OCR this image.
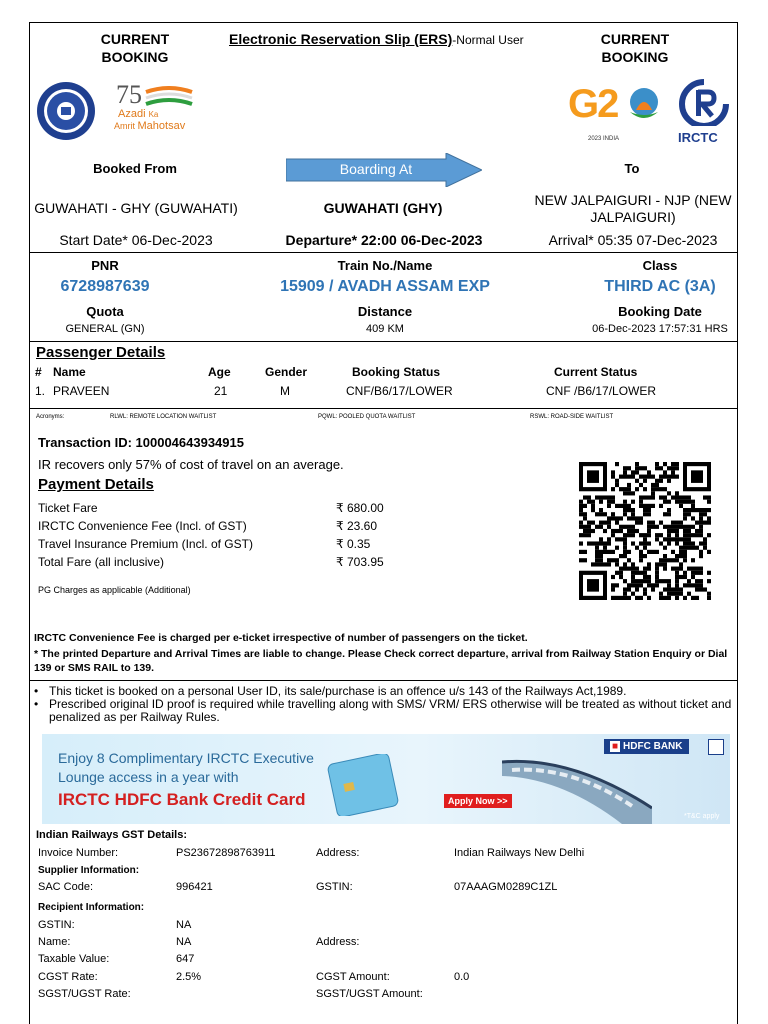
CURRENT
BOOKING
Electronic Reservation Slip (ERS)-Normal User	CURRENT
BOOKING
75
Azadi Ka
Amrit Mahotsav	G2
2023 INDIA	IRCTC
Booked From	Boarding At	To
GUWAHATI - GHY (GUWAHATI)	GUWAHATI (GHY)	NEW JALPAIGURI - NJP (NEW JALPAIGURI)
Start Date* 06-Dec-2023	Departure* 22:00 06-Dec-2023	Arrival* 05:35 07-Dec-2023
PNR
6728987639
Train No./Name
15909 / AVADH ASSAM EXP
Class
THIRD AC (3A)
Quota
GENERAL (GN)
Distance
409 KM
Booking Date
06-Dec-2023 17:57:31 HRS
Passenger Details
# Name	Age	Gender	Booking Status	Current Status
1. PRAVEEN	21	M	CNF/B6/17/LOWER	CNF /B6/17/LOWER
Acronyms:	RLWL: REMOTE LOCATION WAITLIST	PQWL: POOLED QUOTA WAITLIST	RSWL: ROAD-SIDE WAITLIST
Transaction ID: 100004643934915
IR recovers only 57% of cost of travel on an average.
Payment Details
Ticket Fare	₹ 680.00
IRCTC Convenience Fee (Incl. of GST)	₹ 23.60
Travel Insurance Premium (Incl. of GST)	₹ 0.35
Total Fare (all inclusive)	₹ 703.95
PG Charges as applicable (Additional)
IRCTC Convenience Fee is charged per e-ticket irrespective of number of passengers on the ticket.
* The printed Departure and Arrival Times are liable to change. Please Check correct departure, arrival from Railway Station Enquiry or Dial 139 or SMS RAIL to 139.
• This ticket is booked on a personal User ID, its sale/purchase is an offence u/s 143 of the Railways Act,1989.
• Prescribed original ID proof is required while travelling along with SMS/ VRM/ ERS otherwise will be treated as without ticket and penalized as per Railway Rules.
Enjoy 8 Complimentary IRCTC Executive
Lounge access in a year with
IRCTC HDFC Bank Credit Card	Apply Now >>
■ HDFC BANK
*T&C apply
Indian Railways GST Details:
Invoice Number:	PS23672898763911	Address:	Indian Railways New Delhi
Supplier Information:
SAC Code:	996421	GSTIN:	07AAAGM0289C1ZL
Recipient Information:
GSTIN:	NA
Name:	NA	Address:
Taxable Value:	647
CGST Rate:	2.5%	CGST Amount:	0.0
SGST/UGST Rate:	SGST/UGST Amount:
